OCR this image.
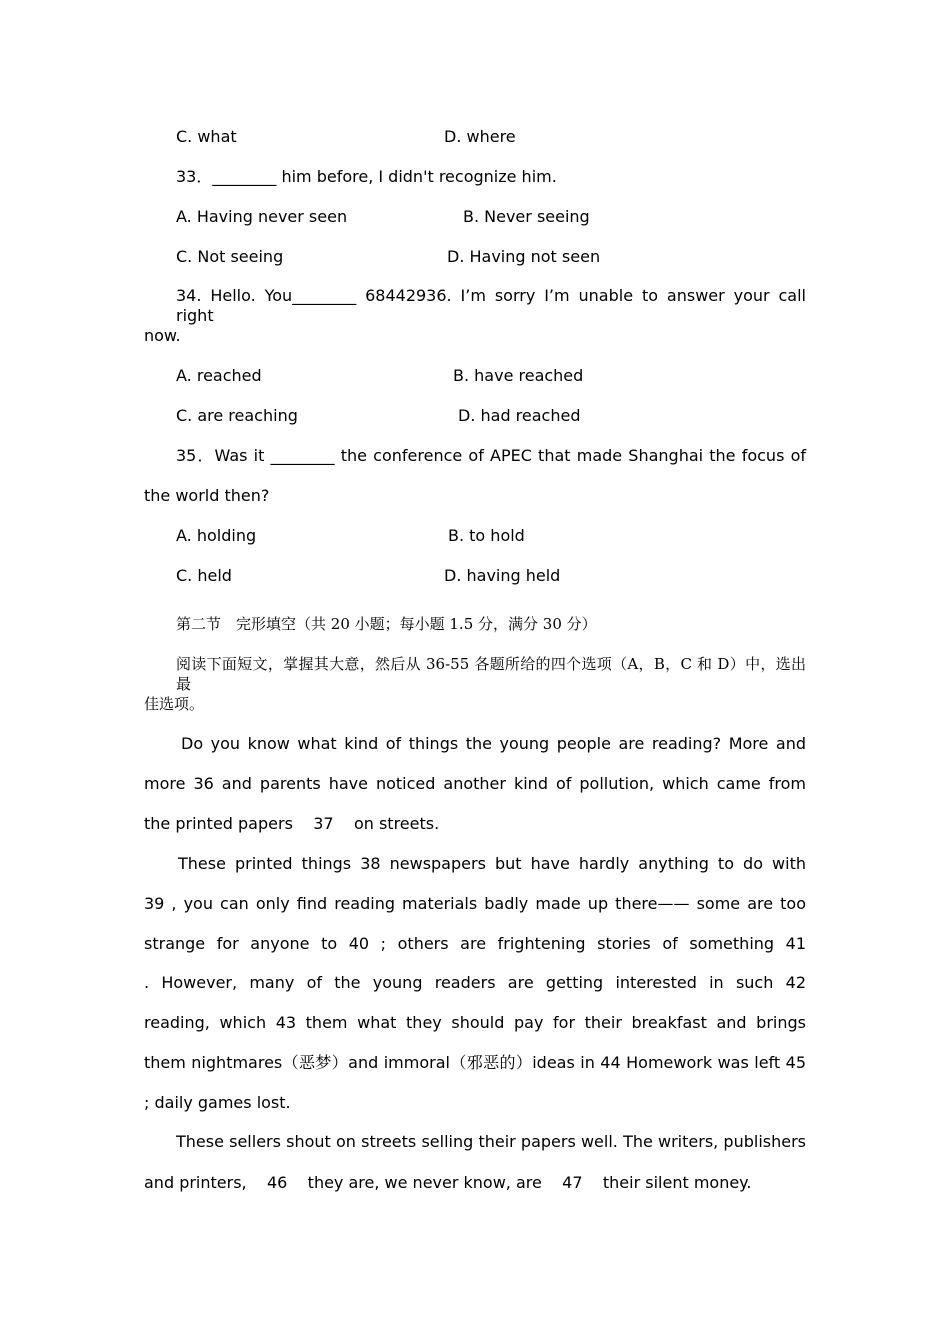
C. what	D. where
33．________ him before, I didn't recognize him.
A. Having never seen	B. Never seeing
C. Not seeing	D. Having not seen
34. Hello. You________ 68442936. I’m sorry I’m unable to answer your call right
now.
A. reached	B. have reached
C. are reaching	D. had reached
35．Was it ________ the conference of APEC that made Shanghai the focus of
the world then?
A. holding	B. to hold
C. held	D. having held
第二节　完形填空（共 20 小题；每小题 1.5 分，满分 30 分）
阅读下面短文，掌握其大意，然后从 36-55 各题所给的四个选项（A，B，C 和 D）中，选出最
佳选项。
Do you know what kind of things the young people are reading? More and
more 36 and parents have noticed another kind of pollution, which came from
the printed papers    37    on streets.
These printed things 38 newspapers but have hardly anything to do with
39 , you can only find reading materials badly made up there—— some are too
strange for anyone to 40 ; others are frightening stories of something 41
. However, many of the young readers are getting interested in such 42
reading, which 43 them what they should pay for their breakfast and brings
them nightmares（恶梦）and immoral（邪恶的）ideas in 44 Homework was left 45
; daily games lost.
These sellers shout on streets selling their papers well. The writers, publishers
and printers,    46    they are, we never know, are    47    their silent money.
